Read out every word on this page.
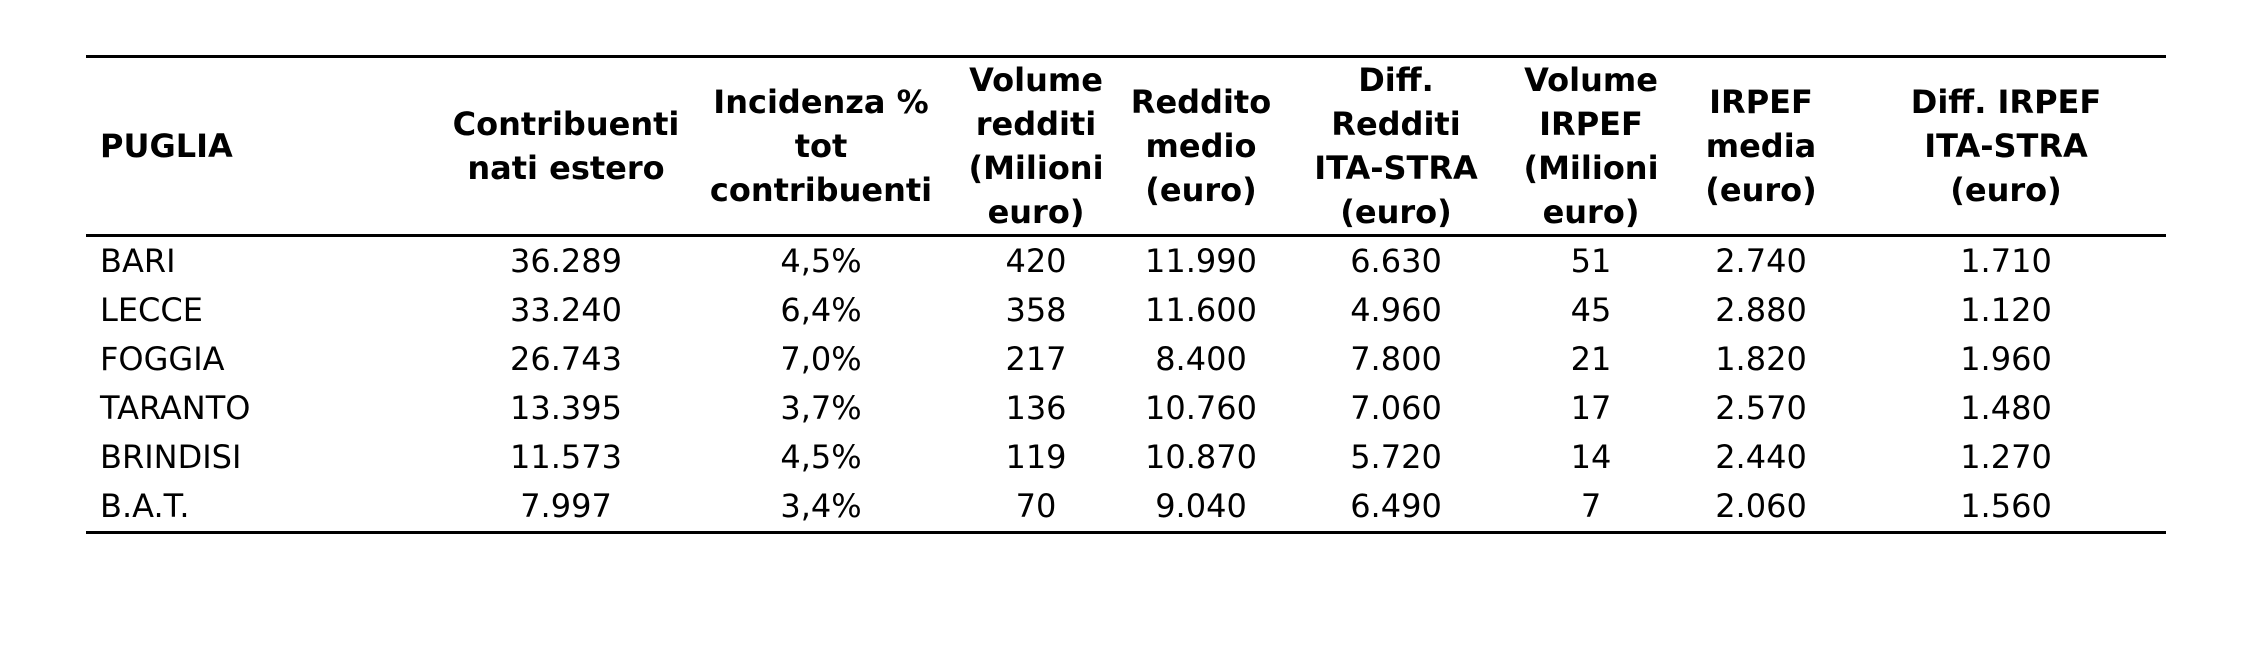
PUGLIA	Contribuenti
nati estero	Incidenza %
tot
contribuenti	Volume
redditi
(Milioni
euro)	Reddito
medio
(euro)	Diff.
Redditi
ITA-STRA
(euro)	Volume
IRPEF
(Milioni
euro)	IRPEF
media
(euro)	Diff. IRPEF
ITA-STRA
(euro)

BARI	36.289	4,5%	420	11.990	6.630	51	2.740	1.710
LECCE	33.240	6,4%	358	11.600	4.960	45	2.880	1.120
FOGGIA	26.743	7,0%	217	8.400	7.800	21	1.820	1.960
TARANTO	13.395	3,7%	136	10.760	7.060	17	2.570	1.480
BRINDISI	11.573	4,5%	119	10.870	5.720	14	2.440	1.270
B.A.T.	7.997	3,4%	70	9.040	6.490	7	2.060	1.560
